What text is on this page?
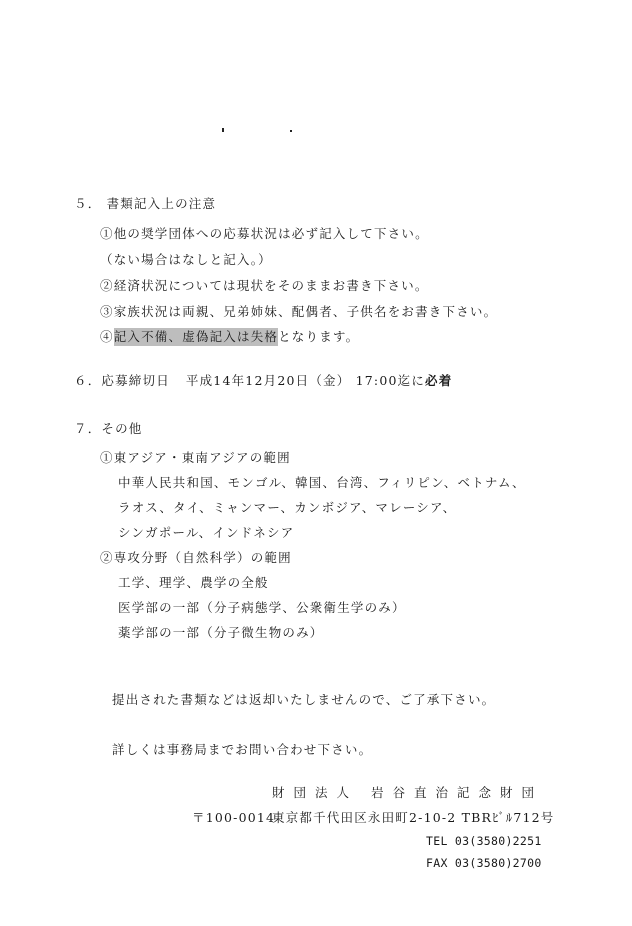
５． 書類記入上の注意
①他の奨学団体への応募状況は必ず記入して下さい。
（ない場合はなしと記入。）
②経済状況については現状をそのままお書き下さい。
③家族状況は両親、兄弟姉妹、配偶者、子供名をお書き下さい。
④記入不備、虚偽記入は失格となります。
６．応募締切日 平成14年12月20日（金） 17:00迄に必着
７．その他
①東アジア・東南アジアの範囲
中華人民共和国、モンゴル、韓国、台湾、フィリピン、ベトナム、
ラオス、タイ、ミャンマー、カンボジア、マレーシア、
シンガポール、インドネシア
②専攻分野（自然科学）の範囲
工学、理学、農学の全般
医学部の一部（分子病態学、公衆衛生学のみ）
薬学部の一部（分子微生物のみ）
提出された書類などは返却いたしませんので、ご了承下さい。
詳しくは事務局までお問い合わせ下さい。
財団法人 岩谷直治記念財団
〒100-0014
東京都千代田区永田町2-10-2 TBRﾋﾞﾙ712号
TEL 03(3580)2251
FAX 03(3580)2700
